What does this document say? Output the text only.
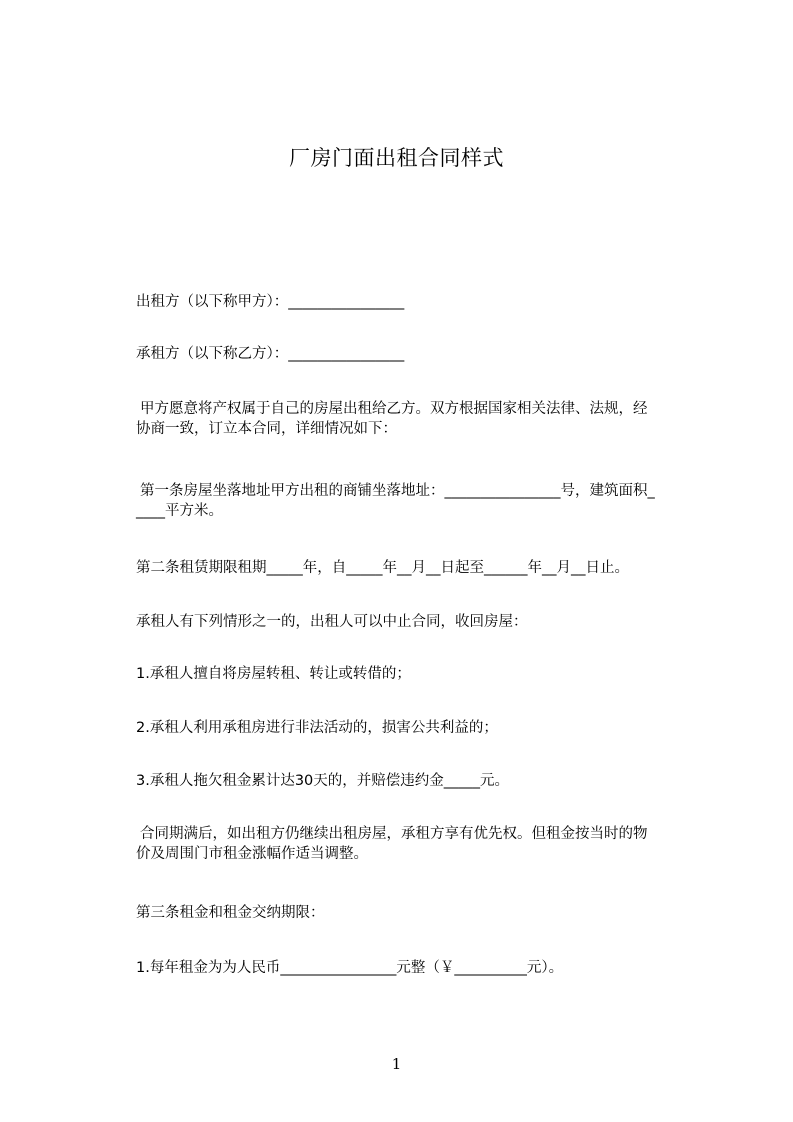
厂房门面出租合同样式
出租方（以下称甲方）：________________
承租方（以下称乙方）：________________
甲方愿意将产权属于自己的房屋出租给乙方。双方根据国家相关法律、法规，经
协商一致，订立本合同，详细情况如下：
第一条房屋坐落地址甲方出租的商铺坐落地址：________________号，建筑面积_
____平方米。
第二条租赁期限租期_____年，自_____年__月__日起至______年__月__日止。
承租人有下列情形之一的，出租人可以中止合同，收回房屋：
1.承租人擅自将房屋转租、转让或转借的；
2.承租人利用承租房进行非法活动的，损害公共利益的；
3.承租人拖欠租金累计达30天的，并赔偿违约金_____元。
合同期满后，如出租方仍继续出租房屋，承租方享有优先权。但租金按当时的物
价及周围门市租金涨幅作适当调整。
第三条租金和租金交纳期限：
1.每年租金为为人民币________________元整（￥__________元）。
1
